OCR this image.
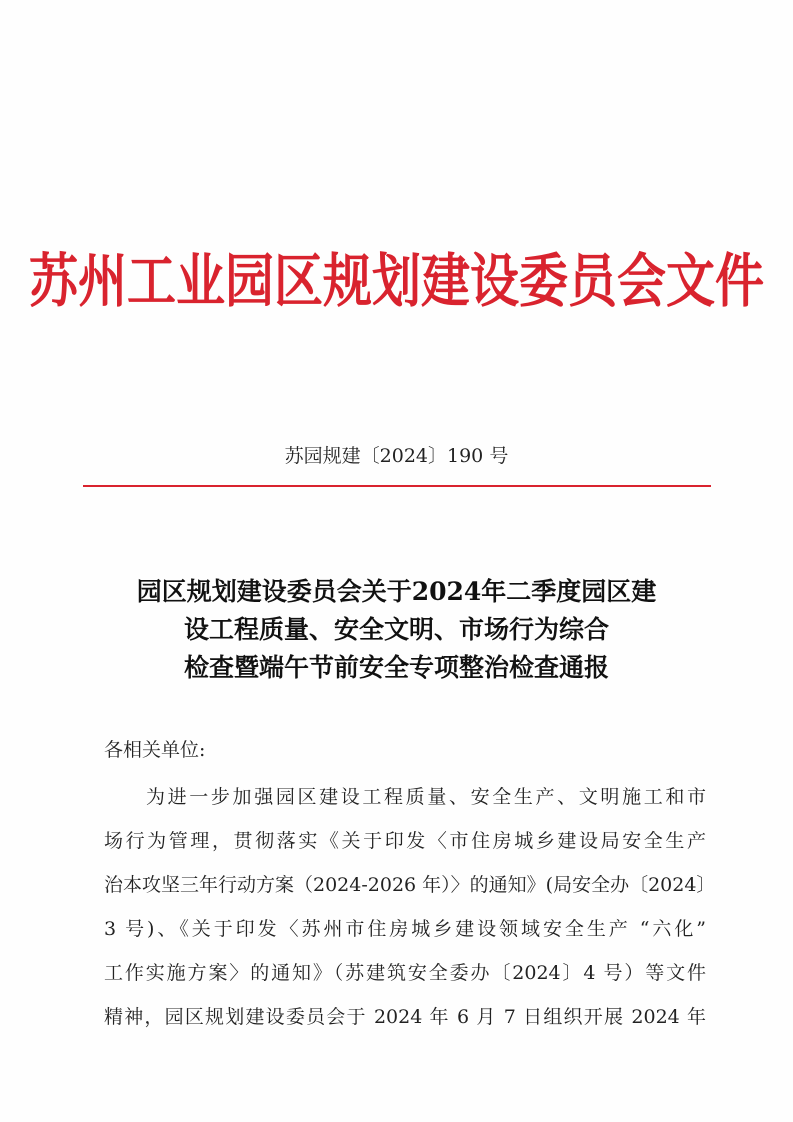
苏州工业园区规划建设委员会文件
苏园规建〔2024〕190 号
园区规划建设委员会关于2024年二季度园区建
设工程质量、安全文明、市场行为综合
检查暨端午节前安全专项整治检查通报
各相关单位:
为进一步加强园区建设工程质量、安全生产、文明施工和市
场行为管理，贯彻落实《关于印发〈市住房城乡建设局安全生产
治本攻坚三年行动方案（2024-2026 年）〉的通知》(局安全办〔2024〕
3 号)、《关于印发〈苏州市住房城乡建设领域安全生产 “六化”
工作实施方案〉的通知》（苏建筑安全委办〔2024〕4 号）等文件
精神，园区规划建设委员会于 2024 年 6 月 7 日组织开展 2024 年
